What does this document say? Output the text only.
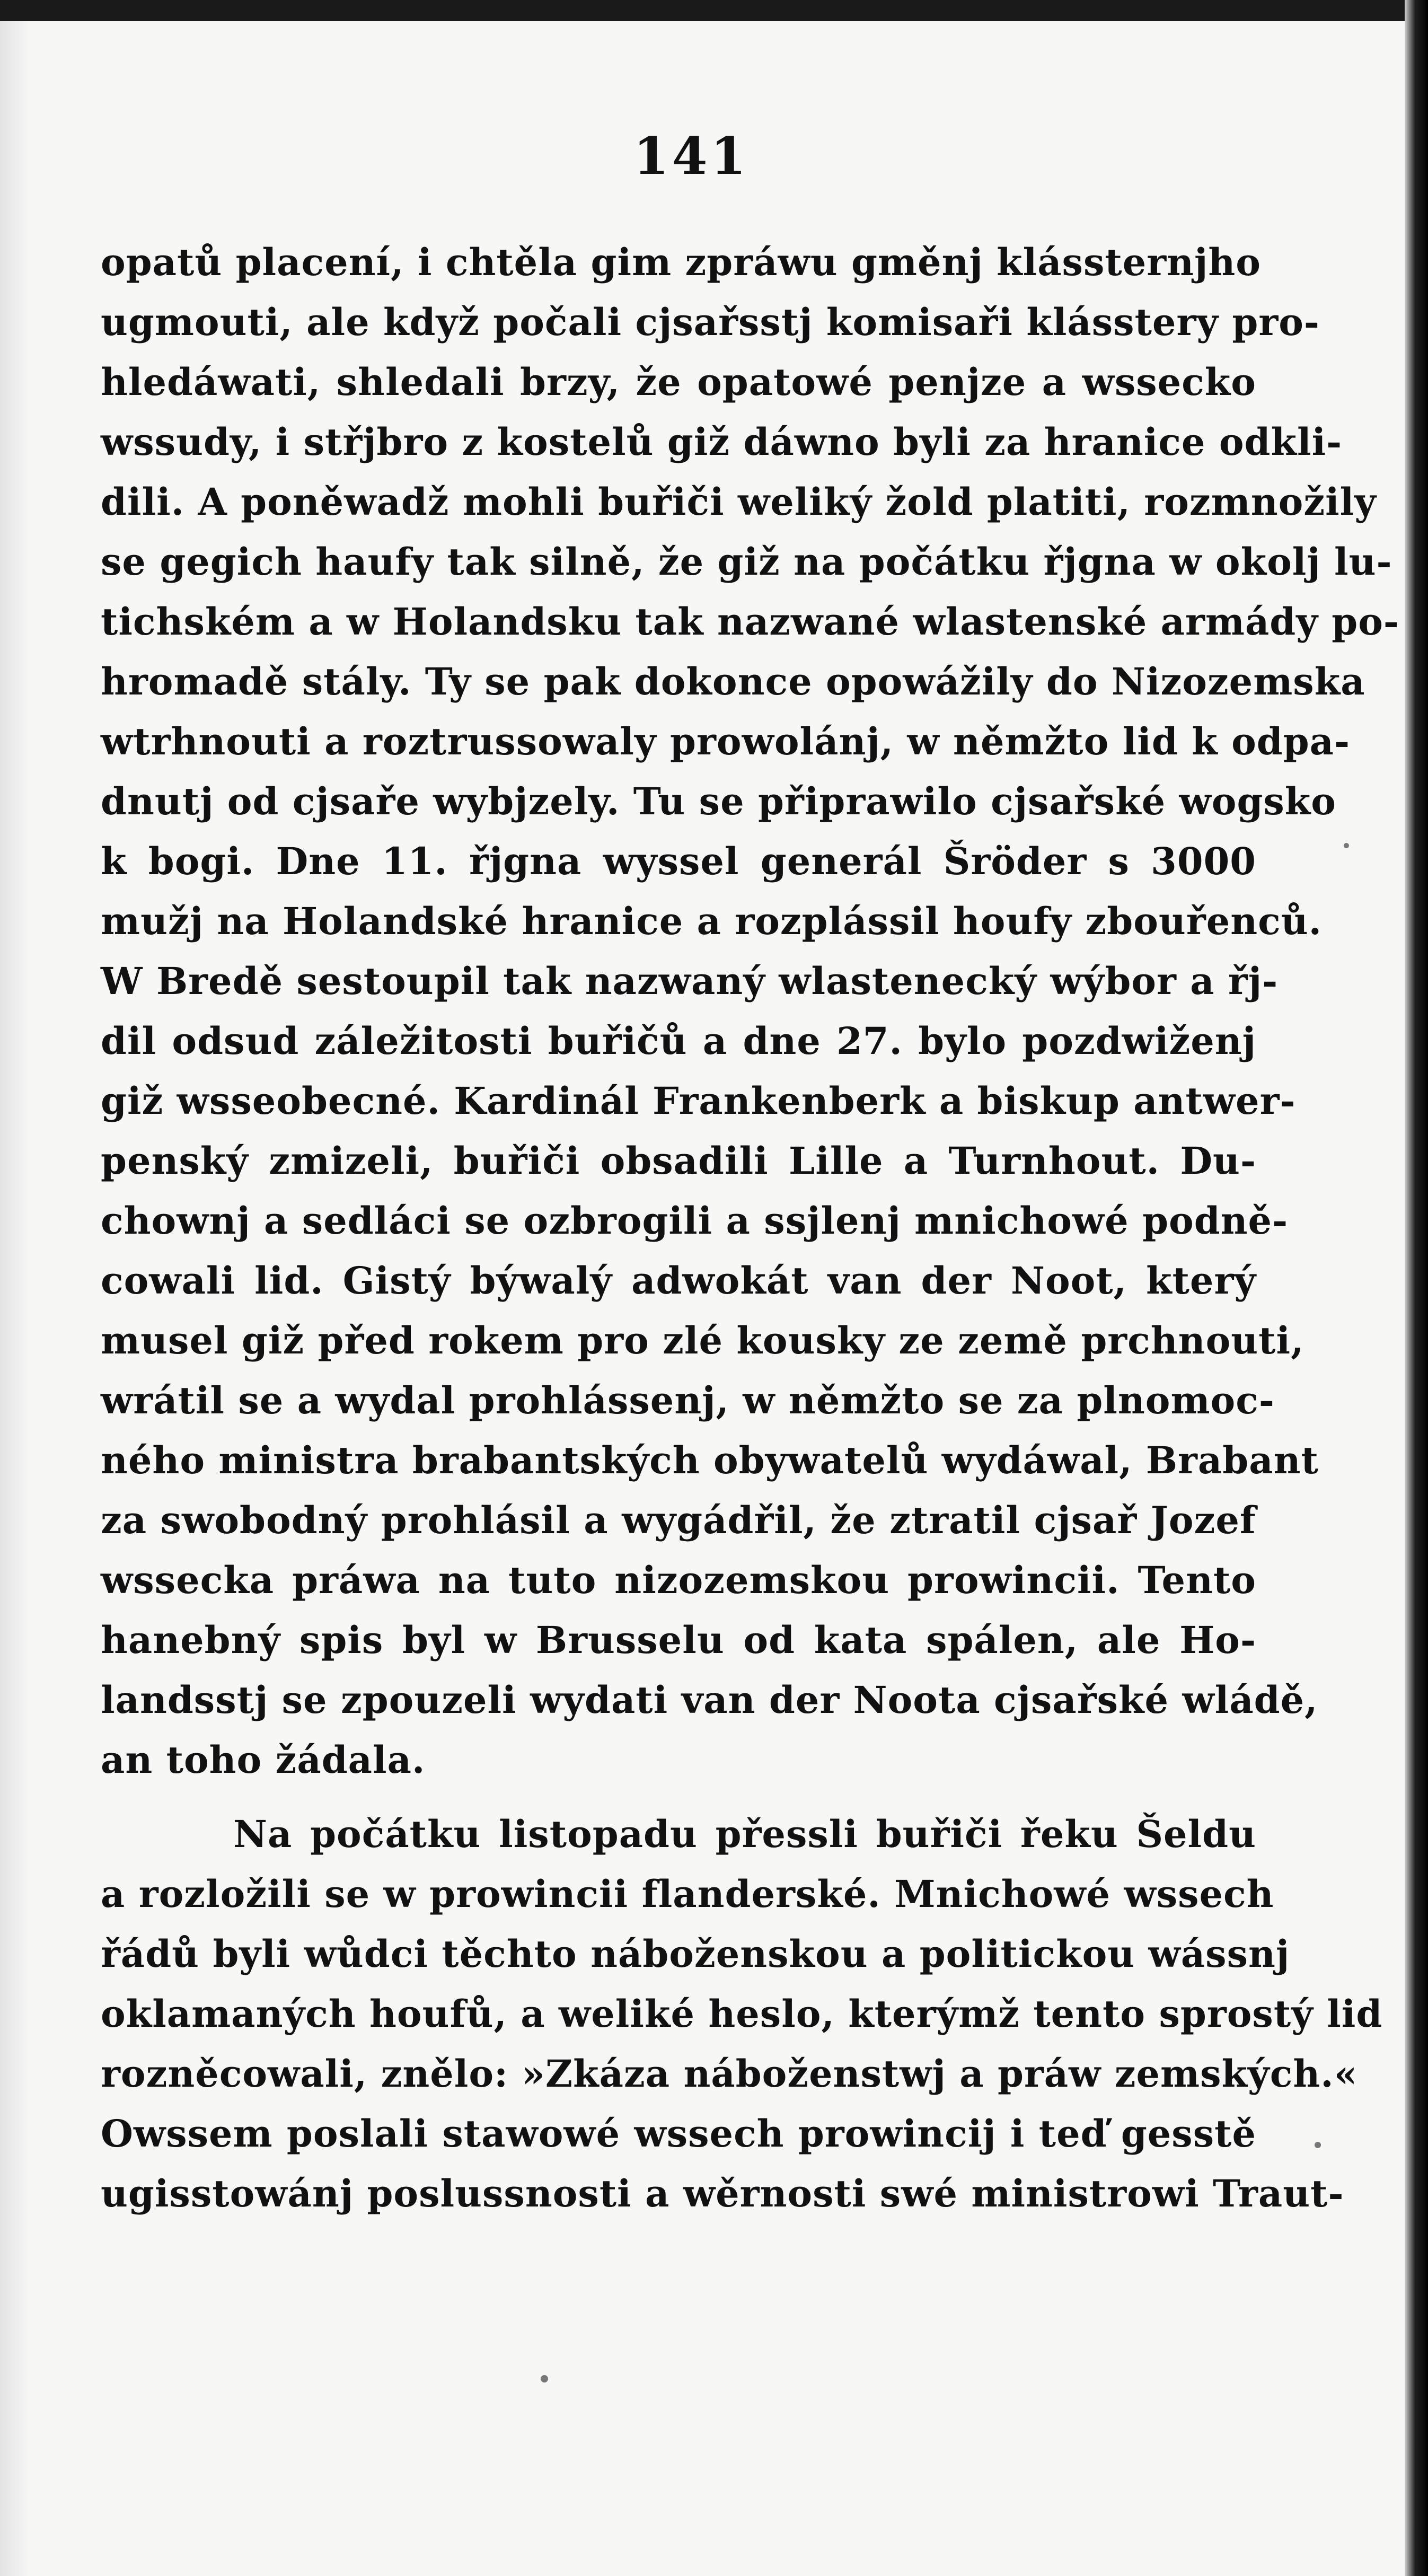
141
opatů placení, i chtěla gim zpráwu gměnj klássternjho
ugmouti, ale když počali cjsařsstj komisaři klásstery pro-
hledáwati, shledali brzy, že opatowé penjze a wssecko
wssudy, i střjbro z kostelů giž dáwno byli za hranice odkli-
dili. A poněwadž mohli buřiči weliký žold platiti, rozmnožily
se gegich haufy tak silně, že giž na počátku řjgna w okolj lu-
tichském a w Holandsku tak nazwané wlastenské armády po-
hromadě stály. Ty se pak dokonce opowážily do Nizozemska
wtrhnouti a roztrussowaly prowolánj, w němžto lid k odpa-
dnutj od cjsaře wybjzely. Tu se připrawilo cjsařské wogsko
k bogi. Dne 11. řjgna wyssel generál Šröder s 3000
mužj na Holandské hranice a rozplássil houfy zbouřenců.
W Bredě sestoupil tak nazwaný wlastenecký wýbor a řj-
dil odsud záležitosti buřičů a dne 27. bylo pozdwiženj
giž wsseobecné. Kardinál Frankenberk a biskup antwer-
penský zmizeli, buřiči obsadili Lille a Turnhout. Du-
chownj a sedláci se ozbrogili a ssjlenj mnichowé podně-
cowali lid. Gistý býwalý adwokát van der Noot, který
musel giž před rokem pro zlé kousky ze země prchnouti,
wrátil se a wydal prohlássenj, w němžto se za plnomoc-
ného ministra brabantských obywatelů wydáwal, Brabant
za swobodný prohlásil a wygádřil, že ztratil cjsař Jozef
wssecka práwa na tuto nizozemskou prowincii. Tento
hanebný spis byl w Brusselu od kata spálen, ale Ho-
landsstj se zpouzeli wydati van der Noota cjsařské wládě,
an toho žádala.
Na počátku listopadu přessli buřiči řeku Šeldu
a rozložili se w prowincii flanderské. Mnichowé wssech
řádů byli wůdci těchto náboženskou a politickou wássnj
oklamaných houfů, a weliké heslo, kterýmž tento sprostý lid
rozněcowali, znělo: »Zkáza náboženstwj a práw zemských.«
Owssem poslali stawowé wssech prowincij i teď gesstě
ugisstowánj poslussnosti a wěrnosti swé ministrowi Traut-
